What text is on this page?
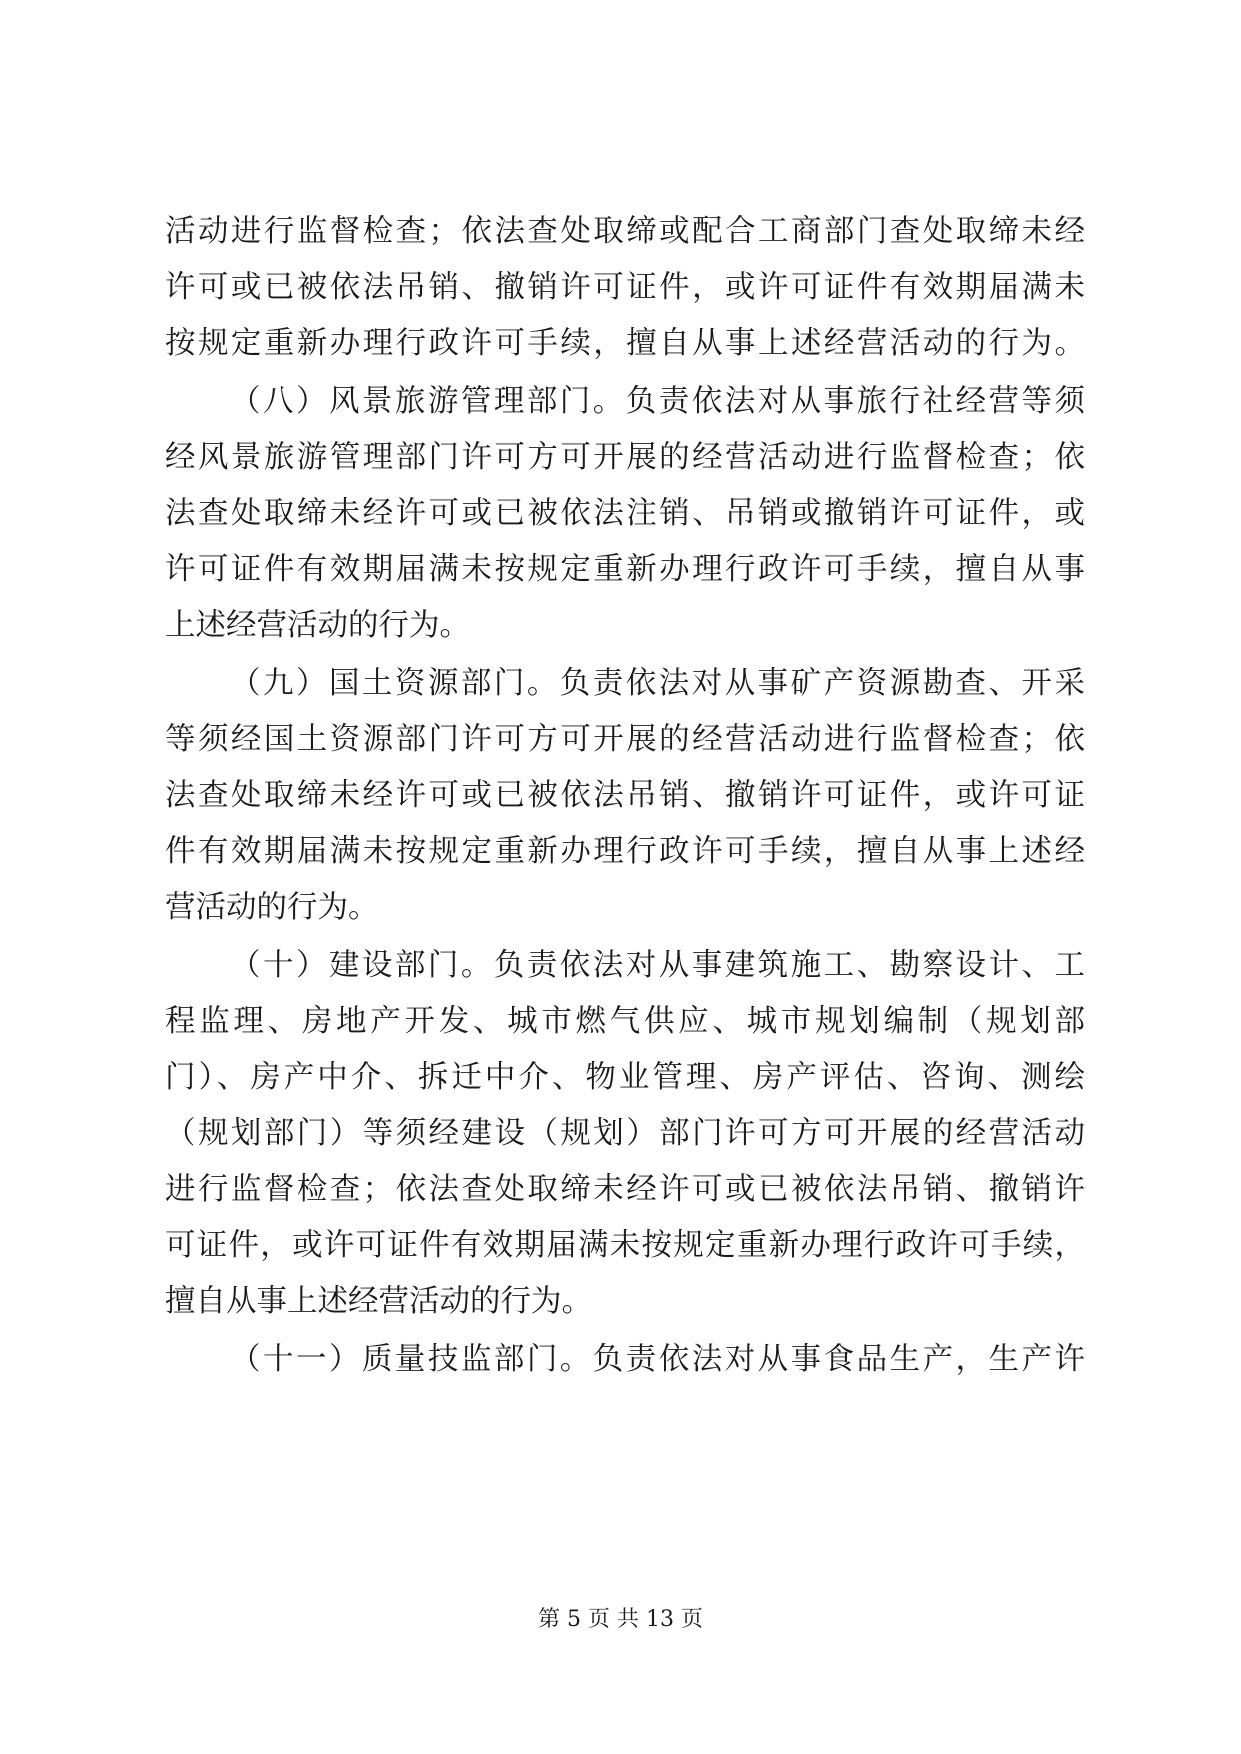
活动进行监督检查；依法查处取缔或配合工商部门查处取缔未经
许可或已被依法吊销、撤销许可证件，或许可证件有效期届满未
按规定重新办理行政许可手续，擅自从事上述经营活动的行为。
（八）风景旅游管理部门。负责依法对从事旅行社经营等须
经风景旅游管理部门许可方可开展的经营活动进行监督检查；依
法查处取缔未经许可或已被依法注销、吊销或撤销许可证件，或
许可证件有效期届满未按规定重新办理行政许可手续，擅自从事
上述经营活动的行为。
（九）国土资源部门。负责依法对从事矿产资源勘查、开采
等须经国土资源部门许可方可开展的经营活动进行监督检查；依
法查处取缔未经许可或已被依法吊销、撤销许可证件，或许可证
件有效期届满未按规定重新办理行政许可手续，擅自从事上述经
营活动的行为。
（十）建设部门。负责依法对从事建筑施工、勘察设计、工
程监理、房地产开发、城市燃气供应、城市规划编制（规划部
门）、房产中介、拆迁中介、物业管理、房产评估、咨询、测绘
（规划部门）等须经建设（规划）部门许可方可开展的经营活动
进行监督检查；依法查处取缔未经许可或已被依法吊销、撤销许
可证件，或许可证件有效期届满未按规定重新办理行政许可手续，
擅自从事上述经营活动的行为。
（十一）质量技监部门。负责依法对从事食品生产，生产许
第 5 页 共 13 页
